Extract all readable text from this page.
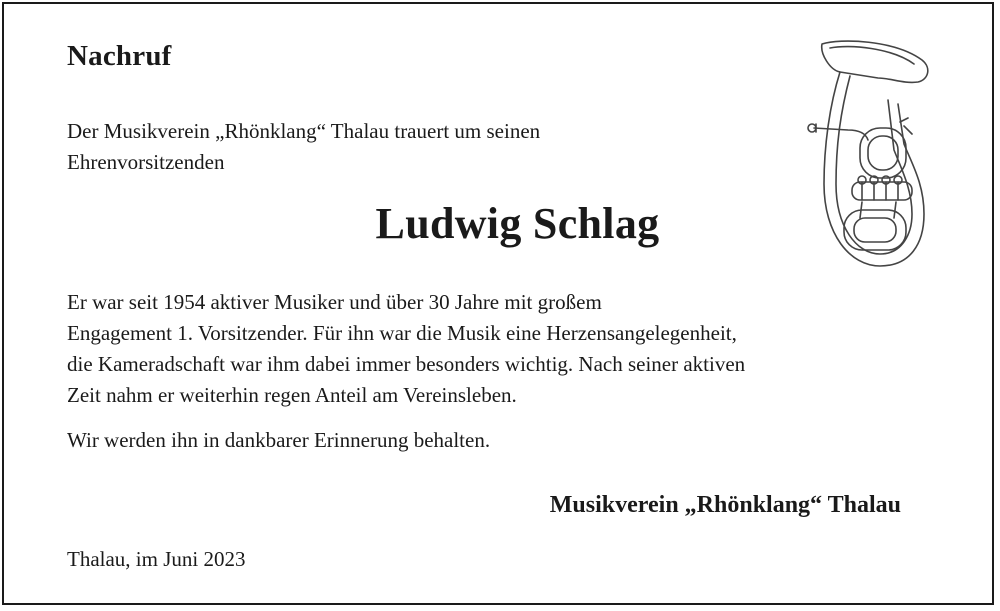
Nachruf
Der Musikverein „Rhönklang“ Thalau trauert um seinen
Ehrenvorsitzenden
Ludwig Schlag
Er war seit 1954 aktiver Musiker und über 30 Jahre mit großem
Engagement 1. Vorsitzender. Für ihn war die Musik eine Herzensangelegenheit,
die Kameradschaft war ihm dabei immer besonders wichtig. Nach seiner aktiven
Zeit nahm er weiterhin regen Anteil am Vereinsleben.
Wir werden ihn in dankbarer Erinnerung behalten.
Musikverein „Rhönklang“ Thalau
Thalau, im Juni 2023
